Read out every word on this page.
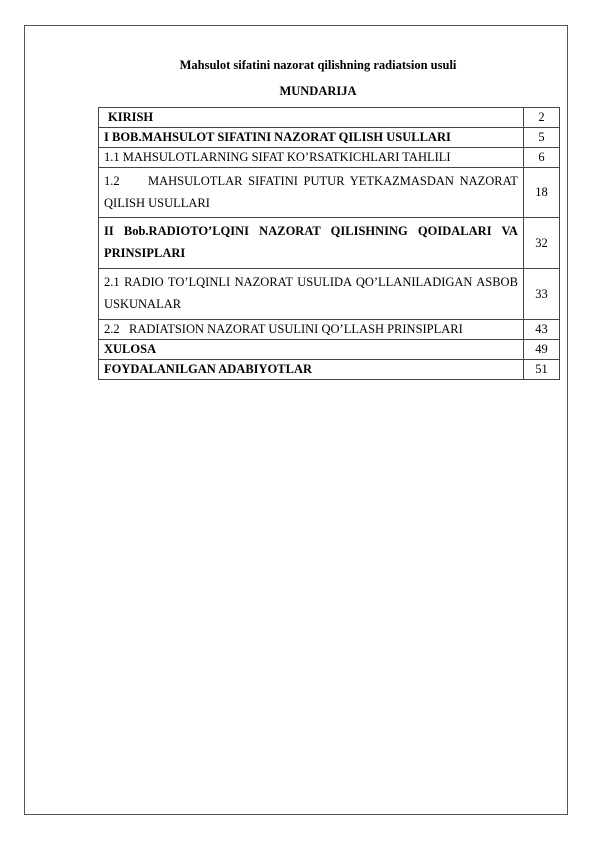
Mahsulot sifatini nazorat qilishning radiatsion usuli
MUNDARIJA
KIRISH	2
I BOB.MAHSULOT SIFATINI NAZORAT QILISH USULLARI	5
1.1 MAHSULOTLARNING SIFAT KO’RSATKICHLARI TAHLILI	6
1.2     MAHSULOTLAR SIFATINI PUTUR YETKAZMASDAN NAZORAT QILISH USULLARI	18
II Bob.RADIOTO’LQINI NAZORAT QILISHNING QOIDALARI VA PRINSIPLARI	32
2.1 RADIO TO’LQINLI NAZORAT USULIDA QO’LLANILADIGAN ASBOB USKUNALAR	33
2.2   RADIATSION NAZORAT USULINI QO’LLASH PRINSIPLARI	43
XULOSA	49
FOYDALANILGAN ADABIYOTLAR	51
